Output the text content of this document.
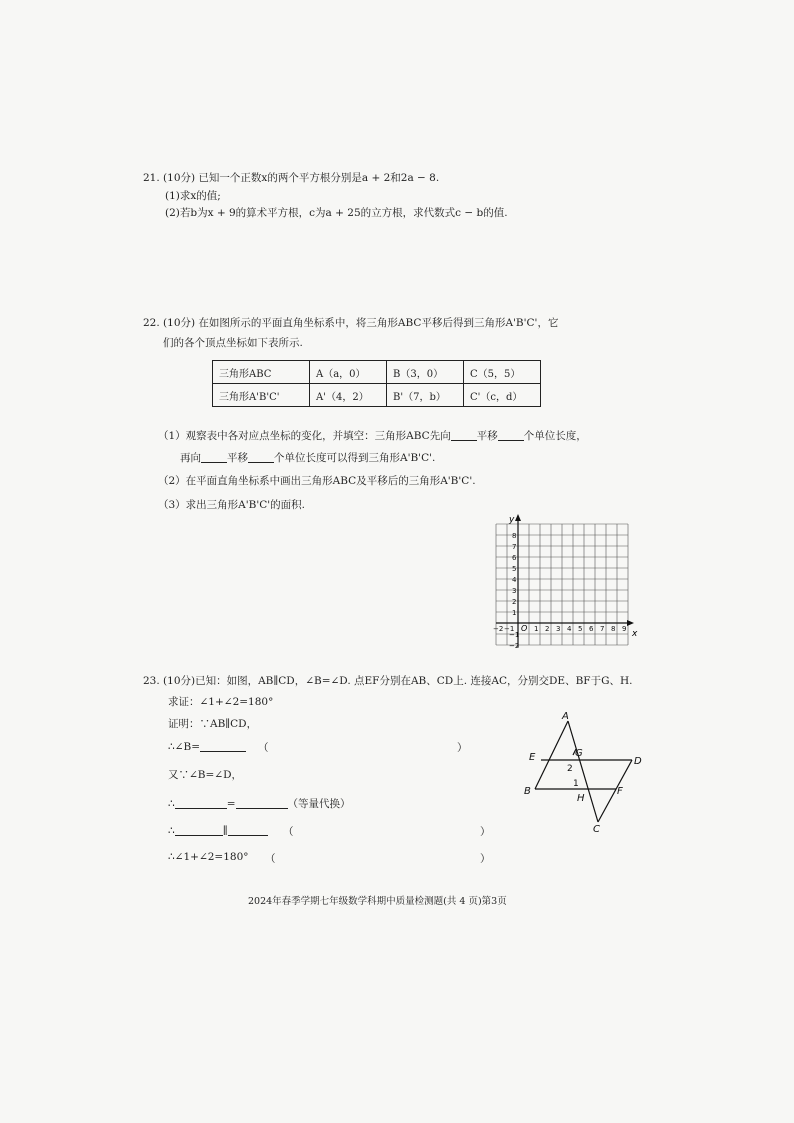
21. (10分) 已知一个正数x的两个平方根分别是a + 2和2a − 8.
(1)求x的值;
(2)若b为x + 9的算术平方根，c为a + 25的立方根，求代数式c − b的值.
22. (10分) 在如图所示的平面直角坐标系中，将三角形ABC平移后得到三角形A'B'C'，它
们的各个顶点坐标如下表所示.
三角形ABC	A（a，0）	B（3，0）	C（5，5）
三角形A'B'C'	A'（4，2）	B'（7，b）	C'（c，d）
（1）观察表中各对应点坐标的变化，并填空：三角形ABC先向 平移 个单位长度，
再向 平移 个单位长度可以得到三角形A'B'C'.
（2）在平面直角坐标系中画出三角形ABC及平移后的三角形A'B'C'.
（3）求出三角形A'B'C'的面积.
x
y
O
−2 −1	1 2 3 4 5 6 7 8 9
1
2
3
4
5
6
7
8
−1
−2
23. (10分)已知：如图，AB∥CD，∠B=∠D. 点EF分别在AB、CD上. 连接AC，分别交DE、BF于G、H.
求证：∠1+∠2=180°
证明：∵AB∥CD，
∴∠B=	（	）
又∵∠B=∠D，
∴	=	（等量代换）
∴	∥	（	）
∴∠1+∠2=180° （	）
A
B
C
D
E
F
G
H
2
1
2024年春季学期七年级数学科期中质量检测题(共 4 页)第3页
